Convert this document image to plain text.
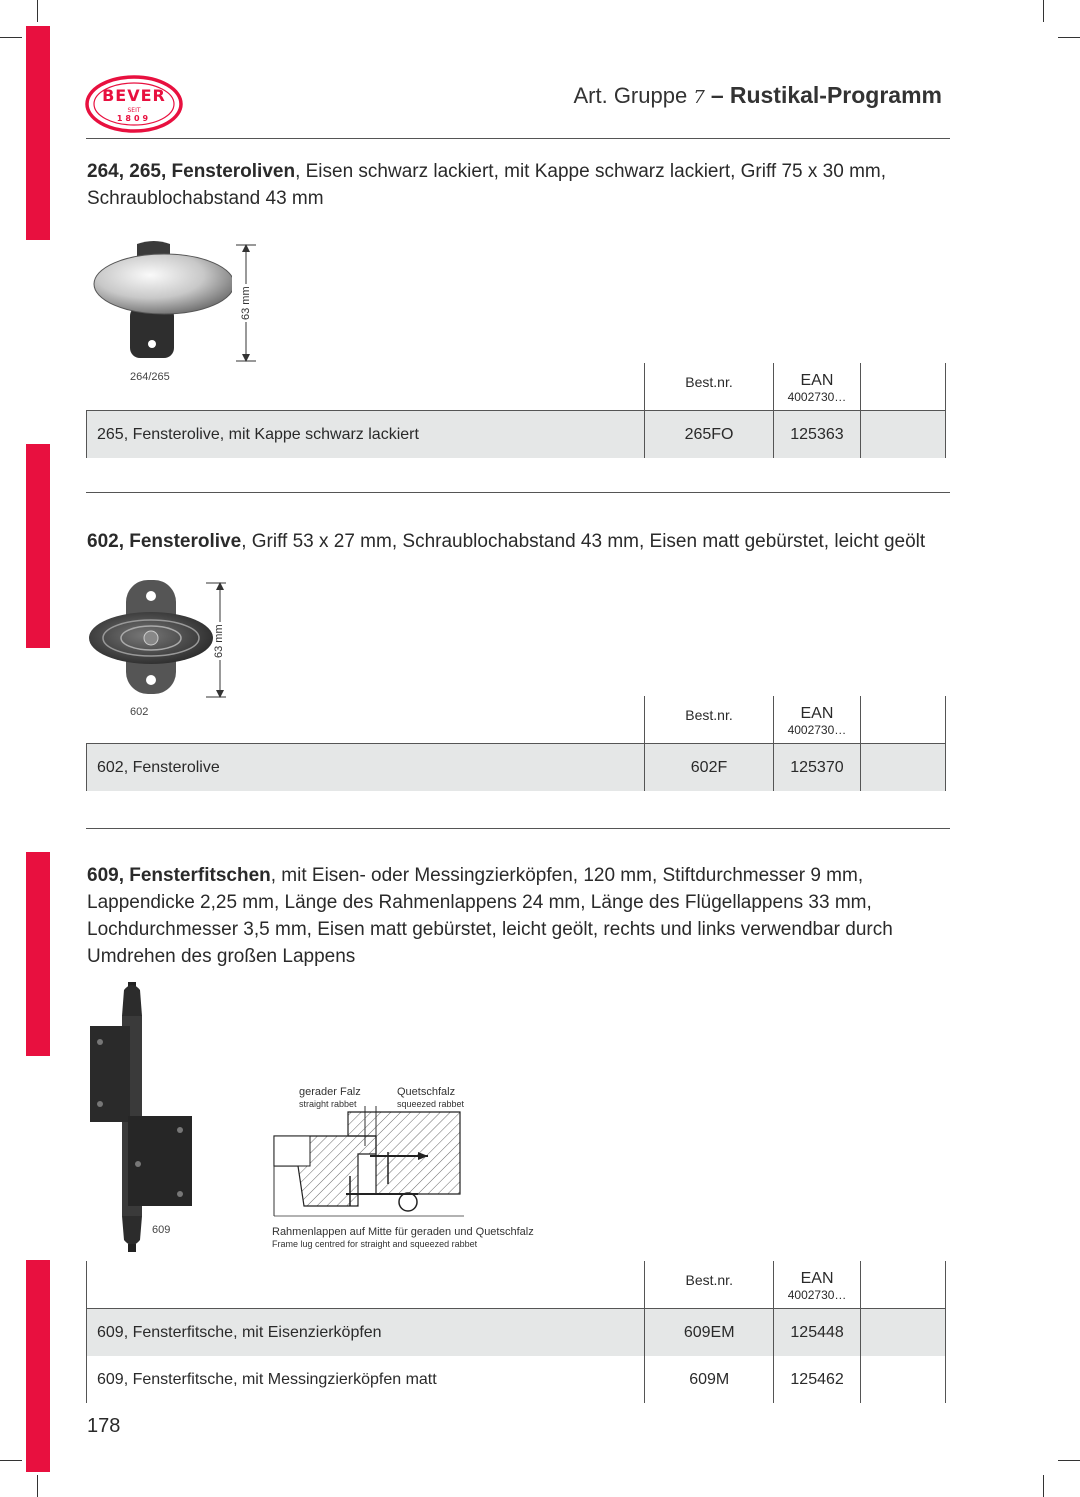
BEVER
SEIT
1809
Art. Gruppe 7 – Rustikal-Programm
264, 265, Fensteroliven, Eisen schwarz lackiert, mit Kappe schwarz lackiert, Griff 75 x 30 mm, Schraublochabstand 43 mm
63 mm
264/265

	Best.nr.	EAN
4002730…	

265, Fensterolive, mit Kappe schwarz lackiert	265FO	125363	
602, Fensterolive, Griff 53 x 27 mm, Schraublochabstand 43 mm, Eisen matt gebürstet, leicht geölt
63 mm
602

	Best.nr.	EAN
4002730…	

602, Fensterolive	602F	125370	
609, Fensterfitschen, mit Eisen- oder Messingzierköpfen, 120 mm, Stiftdurchmesser 9 mm, Lappendicke 2,25 mm, Länge des Rahmenlappens 24 mm, Länge des Flügellappens 33 mm, Lochdurchmesser 3,5 mm, Eisen matt gebürstet, leicht geölt, rechts und links verwendbar durch Umdrehen des großen Lappens
609
gerader Falz
straight rabbet
Quetschfalz
squeezed rabbet
Rahmenlappen auf Mitte für geraden und Quetschfalz
Frame lug centred for straight and squeezed rabbet

	Best.nr.	EAN
4002730…	

609, Fensterfitsche, mit Eisenzierköpfen	609EM	125448	
609, Fensterfitsche, mit Messingzierköpfen matt	609M	125462	
178
